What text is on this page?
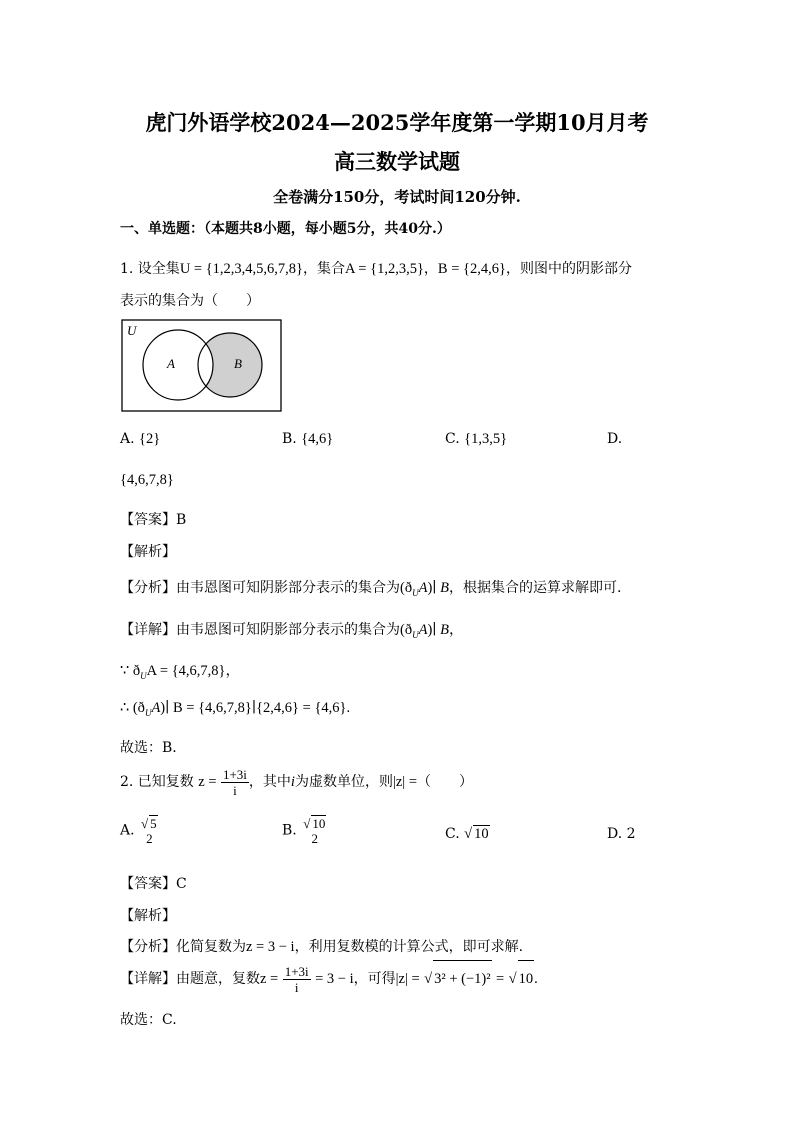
虎门外语学校2024—2025学年度第一学期10月月考
高三数学试题
全卷满分150分，考试时间120分钟.
一、单选题：（本题共8小题，每小题5分，共40分.）
1. 设全集U = {1,2,3,4,5,6,7,8}，集合A = {1,2,3,5}，B = {2,4,6}，则图中的阴影部分
表示的集合为（　　）
U
A	B
A. {2}	B. {4,6}	C. {1,3,5}	D.
{4,6,7,8}
【答案】B
【解析】
【分析】由韦恩图可知阴影部分表示的集合为$(ð_UA)∣$ B，根据集合的运算求解即可.
【详解】由韦恩图可知阴影部分表示的集合为$(ð_UA)∣$ B，
∵ $ð_UA = \{4,6,7,8\}$，
∴ $(ð_UA)∣$ B = {4,6,7,8}∣{2,4,6} = {4,6}.
故选：B.
2. 已知复数 $z = \frac{1+3i}{i}$ ，其中i为虚数单位，则|z| =（　　）
A. √ 5
2	B. √ 10
2	C. √ 10	D. 2
【答案】C
【解析】
【分析】化简复数为z = 3 − i，利用复数模的计算公式，即可求解.
【详解】由题意，复数$z = \frac{1+3i}{i} = 3 - i$，可得|z| = √ 3² + (−1)² = √ 10.
故选：C.
